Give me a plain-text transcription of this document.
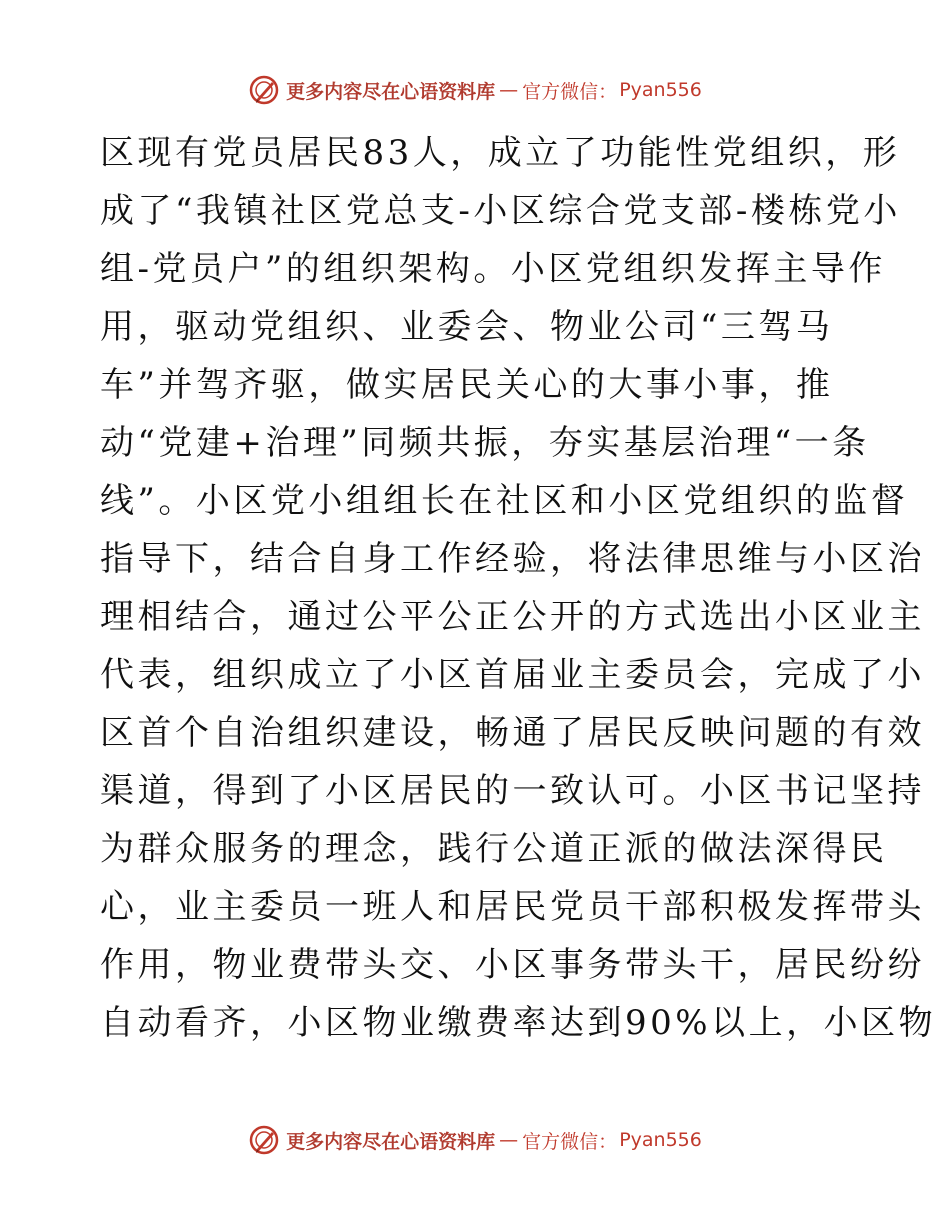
更多内容尽在心语资料库 — 官方微信： Pyan556
区现有党员居民83人，成立了功能性党组织，形
成了“我镇社区党总支-小区综合党支部-楼栋党小
组-党员户”的组织架构。小区党组织发挥主导作
用，驱动党组织、业委会、物业公司“三驾马
车”并驾齐驱，做实居民关心的大事小事，推
动“党建+治理”同频共振，夯实基层治理“一条
线”。小区党小组组长在社区和小区党组织的监督
指导下，结合自身工作经验，将法律思维与小区治
理相结合，通过公平公正公开的方式选出小区业主
代表，组织成立了小区首届业主委员会，完成了小
区首个自治组织建设，畅通了居民反映问题的有效
渠道，得到了小区居民的一致认可。小区书记坚持
为群众服务的理念，践行公道正派的做法深得民
心，业主委员一班人和居民党员干部积极发挥带头
作用，物业费带头交、小区事务带头干，居民纷纷
自动看齐，小区物业缴费率达到90%以上，小区物
更多内容尽在心语资料库 — 官方微信： Pyan556
